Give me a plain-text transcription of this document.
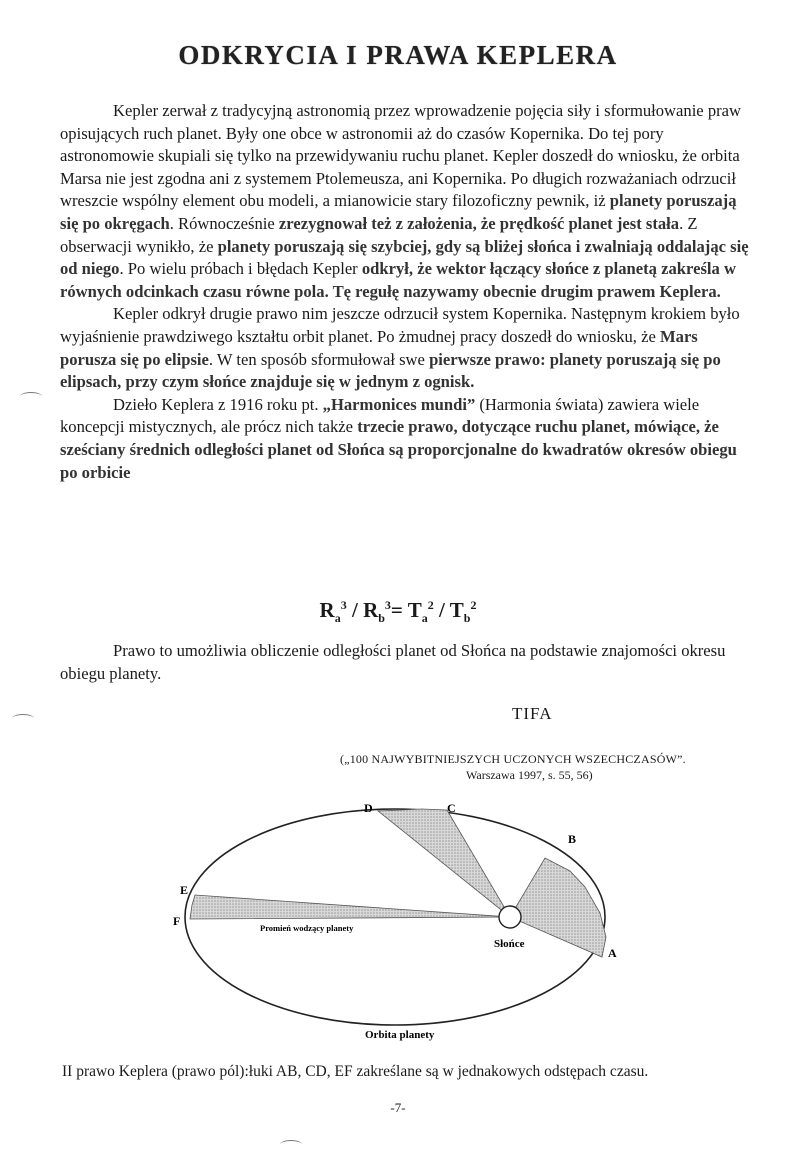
ODKRYCIA I PRAWA KEPLERA

Kepler zerwał z tradycyjną astronomią przez wprowadzenie pojęcia siły i sformułowanie praw opisujących ruch planet. Były one obce w astronomii aż do czasów Kopernika. Do tej pory astronomowie skupiali się tylko na przewidywaniu ruchu planet. Kepler doszedł do wniosku, że orbita Marsa nie jest zgodna ani z systemem Ptolemeusza, ani Kopernika. Po długich rozważaniach odrzucił wreszcie wspólny element obu modeli, a mianowicie stary filozoficzny pewnik, iż planety poruszają się po okręgach. Równocześnie zrezygnował też z założenia, że prędkość planet jest stała. Z obserwacji wynikło, że planety poruszają się szybciej, gdy są bliżej słońca i zwalniają oddalając się od niego. Po wielu próbach i błędach Kepler odkrył, że wektor łączący słońce z planetą zakreśla w równych odcinkach czasu równe pola. Tę regułę nazywamy obecnie drugim prawem Keplera.

Kepler odkrył drugie prawo nim jeszcze odrzucił system Kopernika. Następnym krokiem było wyjaśnienie prawdziwego kształtu orbit planet. Po żmudnej pracy doszedł do wniosku, że Mars porusza się po elipsie. W ten sposób sformułował swe pierwsze prawo: planety poruszają się po elipsach, przy czym słońce znajduje się w jednym z ognisk.

Dzieło Keplera z 1916 roku pt. „Harmonices mundi” (Harmonia świata) zawiera wiele koncepcji mistycznych, ale prócz nich także trzecie prawo, dotyczące ruchu planet, mówiące, że sześciany średnich odległości planet od Słońca są proporcjonalne do kwadratów okresów obiegu po orbicie

$R_a^3 / R_b^3= T_a^2 / T_b^2$

Prawo to umożliwia obliczenie odległości planet od Słońca na podstawie znajomości okresu obiegu planety.

TIFA
(„100 NAJWYBITNIEJSZYCH UCZONYCH WSZECHCZASÓW”.
Warszawa 1997, s. 55, 56)
D	C
B
E
F
A
Promień wodzący planety
Słońce
Orbita planety
II prawo Keplera (prawo pól):łuki AB, CD, EF zakreślane są w jednakowych odstępach czasu.
-7-
